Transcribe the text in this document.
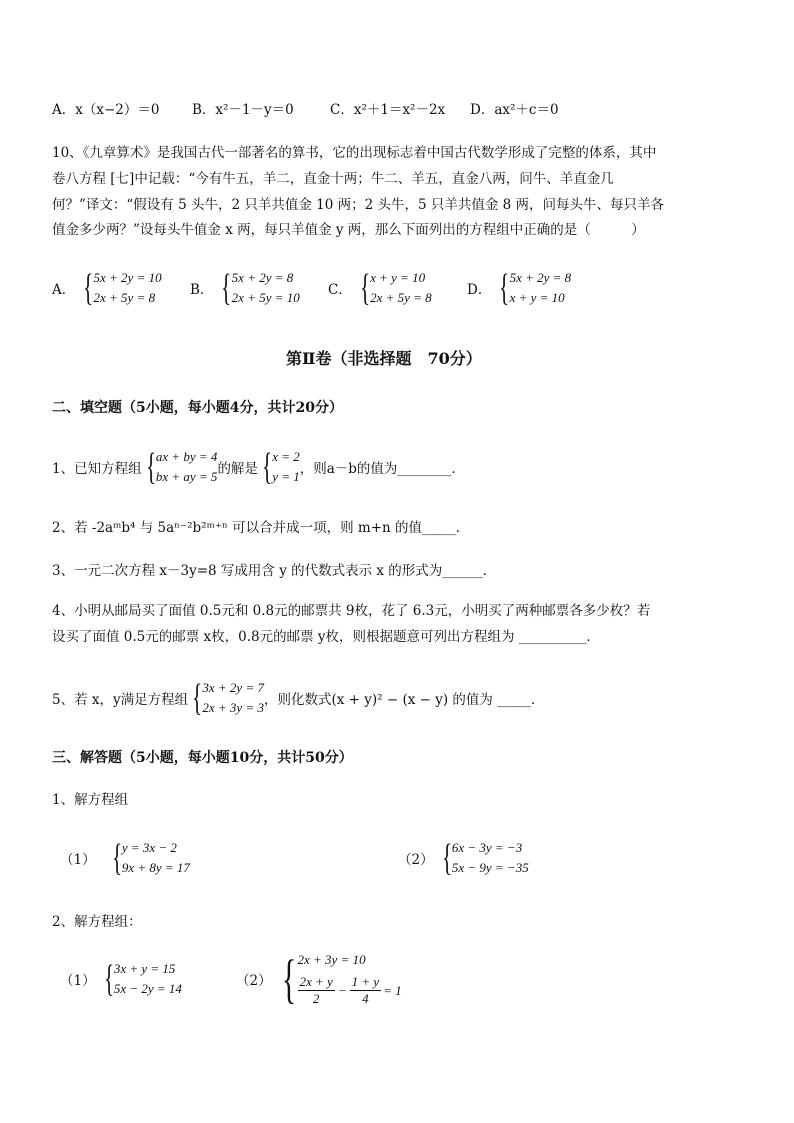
A．x（x−2）＝0 B．x²－1－y＝0	C．x²＋1＝x²－2x D．ax²＋c＝0
10、《九章算术》是我国古代一部著名的算书，它的出现标志着中国古代数学形成了完整的体系，其中
卷八方程 [七]中记载：“今有牛五，羊二，直金十两；牛二、羊五，直金八两，问牛、羊直金几
何？”译文：“假设有 5 头牛，2 只羊共值金 10 两；2 头牛，5 只羊共值金 8 两，问每头牛、每只羊各
值金多少两？”设每头牛值金 x 两，每只羊值金 y 两，那么下面列出的方程组中正确的是（　　　）
A． { 5x + 2y = 10
2x + 5y = 8	B． { 5x + 2y = 8
2x + 5y = 10 C． { x + y = 10
2x + 5y = 8	D． { 5x + 2y = 8
x + y = 10
第Ⅱ卷（非选择题　70分）
二、填空题（5小题，每小题4分，共计20分）
1、已知方程组 { ax + by = 4
bx + ay = 5 的解是 { x = 2
y = 1 ，则a－b的值为________．
2、若 -2aᵐb⁴ 与 5aⁿ⁻²b²ᵐ⁺ⁿ 可以合并成一项，则 m+n 的值_____．
3、一元二次方程 x－3y=8 写成用含 y 的代数式表示 x 的形式为______．
4、小明从邮局买了面值 0.5元和 0.8元的邮票共 9枚，花了 6.3元，小明买了两种邮票各多少枚？若
设买了面值 0.5元的邮票 x枚，0.8元的邮票 y枚，则根据题意可列出方程组为 __________．
5、若 x，y满足方程组 { 3x + 2y = 7
2x + 3y = 3 ，则化数式(x + y)² − (x − y) 的值为 _____．
三、解答题（5小题，每小题10分，共计50分）
1、解方程组
（1） { y = 3x − 2
9x + 8y = 17	（2） { 6x − 3y = −3
5x − 9y = −35
2、解方程组：
（1） { 3x + y = 15
5x − 2y = 14	（2） { 2x + 3y = 10
$\frac{2x + y}{2} - \frac{1 + y}{4} = 1$
